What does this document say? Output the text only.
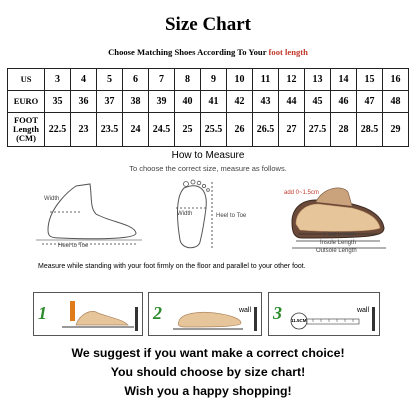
Size Chart
Choose Matching Shoes According To Your foot length
US	3	4	5	6	7	8	9	10	11	12	13	14	15	16
EURO	35	36	37	38	39	40	41	42	43	44	45	46	47	48
FOOT
Length
(CM)	22.5	23	23.5	24	24.5	25	25.5	26	26.5	27	27.5	28	28.5	29
How to Measure
To choose the correct size, measure as follows.
Width
Heel to Toe
Width	Heel to Toe
add 0~1.5cm
Foot Length
Insole Length
Outsole Length
Measure while standing with your foot firmly on the floor and parallel to your other foot.
1	2	wall 3 11.5CM
wall
We suggest if you want make a correct choice!
You should choose by size chart!
Wish you a happy shopping!
